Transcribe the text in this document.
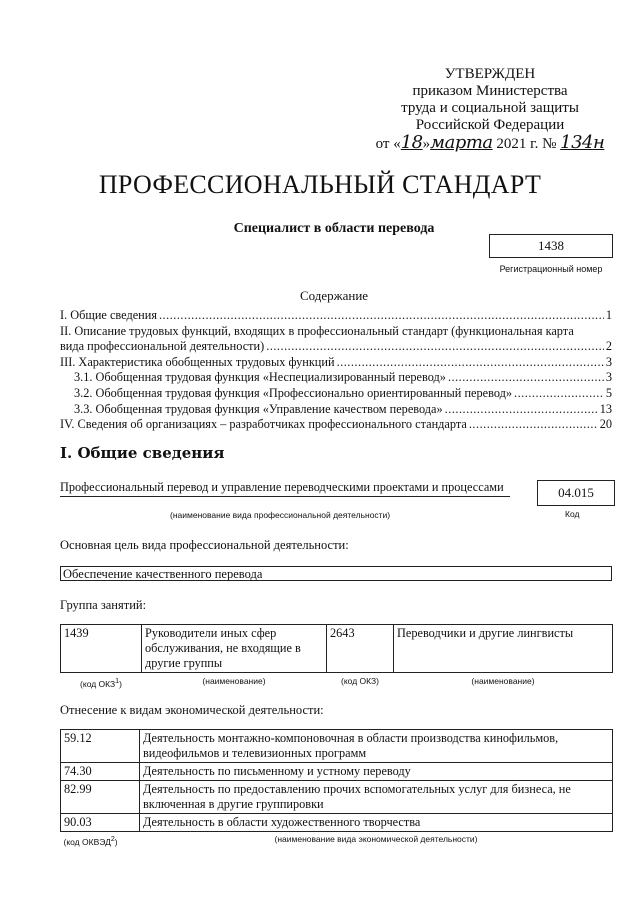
УТВЕРЖДЕН
приказом Министерства
труда и социальной защиты
Российской Федерации
от «18»марта 2021 г. № 134н
ПРОФЕССИОНАЛЬНЫЙ СТАНДАРТ
Специалист в области перевода
1438
Регистрационный номер
Содержание
I. Общие сведения .....	1
II. Описание трудовых функций, входящих в профессиональный стандарт (функциональная карта
вида профессиональной деятельности) .....	2
III. Характеристика обобщенных трудовых функций .....	3
3.1. Обобщенная трудовая функция «Неспециализированный перевод» .....	3
3.2. Обобщенная трудовая функция «Профессионально ориентированный перевод» .....	5
3.3. Обобщенная трудовая функция «Управление качеством перевода» .....	13
IV. Сведения об организациях – разработчиках профессионального стандарта .....	20
I. Общие сведения
Профессиональный перевод и управление переводческими проектами и процессами
(наименование вида профессиональной деятельности)
04.015
Код
Основная цель вида профессиональной деятельности:
Обеспечение качественного перевода
Группа занятий:
1439	Руководители иных сфер обслуживания, не входящие в другие группы	2643	Переводчики и другие лингвисты
(код ОКЗ$^1$)	(наименование)	(код ОКЗ)	(наименование)
Отнесение к видам экономической деятельности:
59.12	Деятельность монтажно-компоновочная в области производства кинофильмов, видеофильмов и телевизионных программ
74.30	Деятельность по письменному и устному переводу
82.99	Деятельность по предоставлению прочих вспомогательных услуг для бизнеса, не включенная в другие группировки
90.03	Деятельность в области художественного творчества
(код ОКВЭД$^2$)	(наименование вида экономической деятельности)
